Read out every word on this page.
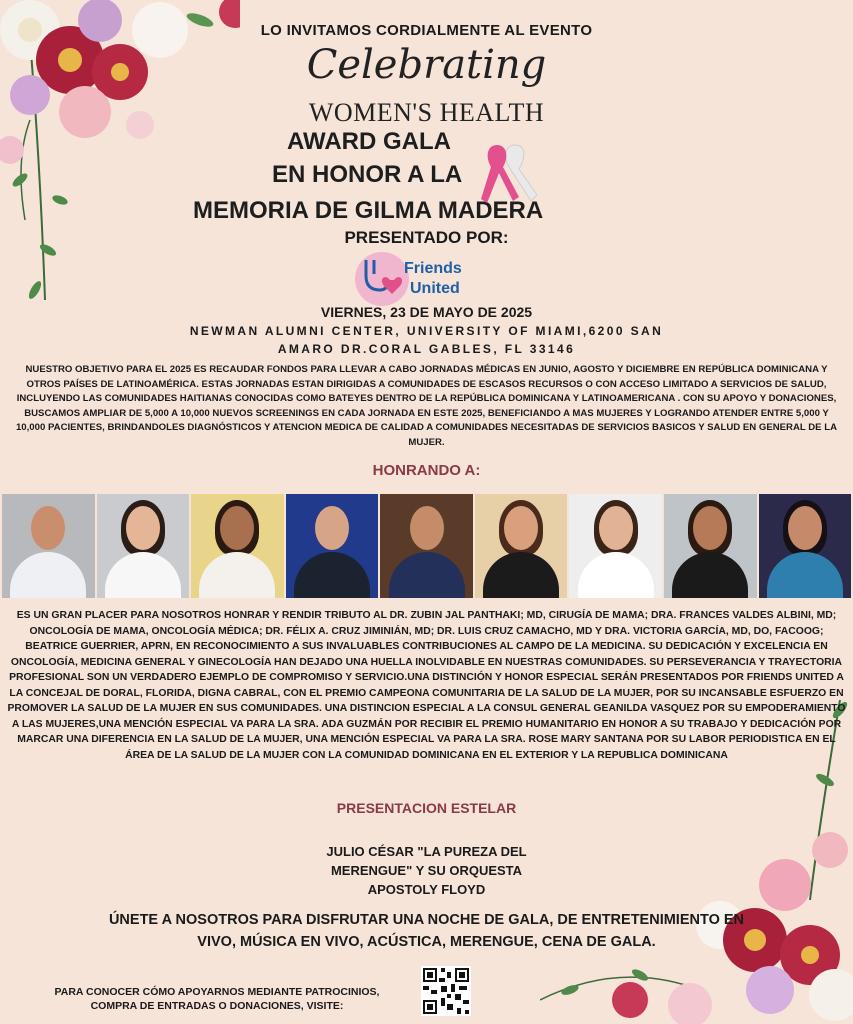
LO INVITAMOS CORDIALMENTE AL EVENTO
Celebrating
WOMEN'S HEALTH
AWARD GALA
EN HONOR A LA
MEMORIA DE GILMA MADERA
PRESENTADO POR:
Friends
United
VIERNES, 23 DE MAYO DE 2025
NEWMAN ALUMNI CENTER, UNIVERSITY OF MIAMI,6200 SAN
AMARO DR.CORAL GABLES, FL 33146
NUESTRO OBJETIVO PARA EL 2025 ES RECAUDAR FONDOS PARA LLEVAR A CABO JORNADAS MÉDICAS EN JUNIO, AGOSTO Y DICIEMBRE EN REPÚBLICA DOMINICANA Y OTROS PAÍSES DE LATINOAMÉRICA. ESTAS JORNADAS ESTAN DIRIGIDAS A COMUNIDADES DE ESCASOS RECURSOS O CON ACCESO LIMITADO A SERVICIOS DE SALUD, INCLUYENDO LAS COMUNIDADES HAITIANAS CONOCIDAS COMO BATEYES DENTRO DE LA REPÚBLICA DOMINICANA Y LATINOAMERICANA . CON SU APOYO Y DONACIONES, BUSCAMOS AMPLIAR DE 5,000 A 10,000 NUEVOS SCREENINGS EN CADA JORNADA EN ESTE 2025, BENEFICIANDO A MAS MUJERES Y LOGRANDO ATENDER ENTRE 5,000 Y 10,000 PACIENTES, BRINDANDOLES DIAGNÓSTICOS Y ATENCION MEDICA DE CALIDAD A COMUNIDADES NECESITADAS DE SERVICIOS BASICOS Y SALUD EN GENERAL DE LA MUJER.
HONRANDO A:
ES UN GRAN PLACER PARA NOSOTROS HONRAR Y RENDIR TRIBUTO AL DR. ZUBIN JAL PANTHAKI; MD, CIRUGÍA DE MAMA; DRA. FRANCES VALDES ALBINI, MD; ONCOLOGÍA DE MAMA, ONCOLOGÍA MÉDICA; DR. FÉLIX A. CRUZ JIMINIÁN, MD; DR. LUIS CRUZ CAMACHO, MD Y DRA. VICTORIA GARCÍA, MD, DO, FACOOG; BEATRICE GUERRIER, APRN, EN RECONOCIMIENTO A SUS INVALUABLES CONTRIBUCIONES AL CAMPO DE LA MEDICINA. SU DEDICACIÓN Y EXCELENCIA EN ONCOLOGÍA, MEDICINA GENERAL Y GINECOLOGÍA HAN DEJADO UNA HUELLA INOLVIDABLE EN NUESTRAS COMUNIDADES. SU PERSEVERANCIA Y TRAYECTORIA PROFESIONAL SON UN VERDADERO EJEMPLO DE COMPROMISO Y SERVICIO.UNA DISTINCIÓN Y HONOR ESPECIAL SERÁN PRESENTADOS POR FRIENDS UNITED A LA CONCEJAL DE DORAL, FLORIDA, DIGNA CABRAL, CON EL PREMIO CAMPEONA COMUNITARIA DE LA SALUD DE LA MUJER, POR SU INCANSABLE ESFUERZO EN PROMOVER LA SALUD DE LA MUJER EN SUS COMUNIDADES. UNA DISTINCION ESPECIAL A LA CONSUL GENERAL GEANILDA VASQUEZ POR SU EMPODERAMIENTO A LAS MUJERES,UNA MENCIÓN ESPECIAL VA PARA LA SRA. ADA GUZMÁN POR RECIBIR EL PREMIO HUMANITARIO EN HONOR A SU TRABAJO Y DEDICACIÓN POR MARCAR UNA DIFERENCIA EN LA SALUD DE LA MUJER, UNA MENCIÓN ESPECIAL VA PARA LA SRA. ROSE MARY SANTANA POR SU LABOR PERIODISTICA EN EL ÁREA DE LA SALUD DE LA MUJER CON LA COMUNIDAD DOMINICANA EN EL EXTERIOR Y LA REPUBLICA DOMINICANA
PRESENTACION ESTELAR
JULIO CÉSAR "LA PUREZA DEL
MERENGUE" Y SU ORQUESTA
APOSTOLY FLOYD
ÚNETE A NOSOTROS PARA DISFRUTAR UNA NOCHE DE GALA, DE ENTRETENIMIENTO EN
VIVO, MÚSICA EN VIVO, ACÚSTICA, MERENGUE, CENA DE GALA.
PARA CONOCER CÓMO APOYARNOS MEDIANTE PATROCINIOS,
COMPRA DE ENTRADAS O DONACIONES, VISITE:
